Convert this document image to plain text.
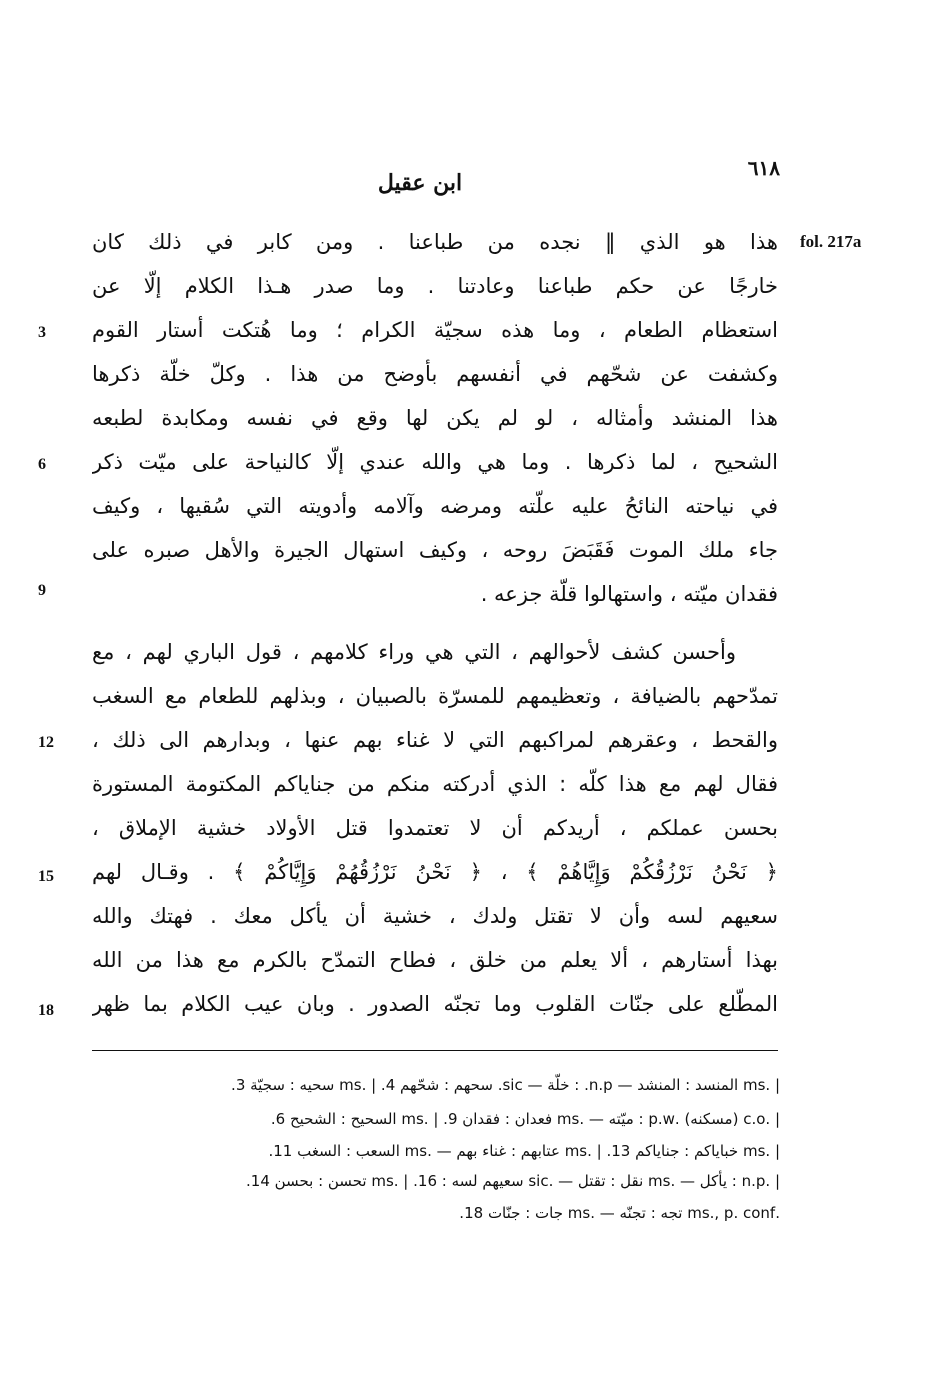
٦١٨
ابن عقيل
fol. 217a
هذا هو الذي ‖ نجده من طباعنا . ومن كابر في ذلك كان
خارجًا عن حكم طباعنا وعادتنا . وما صدر هـذا الكلام إلّا عن
استعظام الطعام ، وما هذه سجيّة الكرام ؛ وما هُتكت أستار القوم
وكشفت عن شحّهم في أنفسهم بأوضح من هذا . وكلّ خلّة ذكرها
هذا المنشد وأمثاله ، لو لم يكن لها وقع في نفسه ومكابدة لطبعه
الشحيح ، لما ذكرها . وما هي والله عندي إلّا كالنياحة على ميّت ذكر
في نياحته النائحُ عليه علّته ومرضه وآلامه وأدويته التي سُقيها ، وكيف
جاء ملك الموت فَقَبَضَ روحه ، وكيف استهال الجيرة والأهل صبره على
فقدان ميّته ، واستهالوا قلّة جزعه .
وأحسن كشف لأحوالهم ، التي هي وراء كلامهم ، قول الباري لهم ، مع
تمدّحهم بالضيافة ، وتعظيمهم للمسرّة بالصبيان ، وبذلهم للطعام مع السغب
والقحط ، وعقرهم لمراكبهم التي لا غناء بهم عنها ، وبدارهم الى ذلك ،
فقال لهم مع هذا كلّه : الذي أدركته منكم من جناياكم المكتومة المستورة
بحسن عملكم ، أريدكم أن لا تعتمدوا قتل الأولاد خشية الإملاق ،
﴿ نَحْنُ نَرْزُقُكُمْ وَإِيَّاهُمْ ﴾ ، ﴿ نَحْنُ نَرْزُقُهُمْ وَإِيَّاكُمْ ﴾ . وقـال لهم
سعيهم لسه وأن لا تقتل ولدك ، خشية أن يأكل معك . فهتك والله
بهذا أستارهم ، ألا يعلم من خلق ، فطاح التمدّح بالكرم مع هذا من الله
المطّلع على جنّات القلوب وما تجنّه الصدور . وبان عيب الكلام بما ظهر
3
6
9
12
15
18
| .ms المنسد : المنشد — n.p. : خلّة — sic. سحهم : شحّهم 4. | .ms سحيه : سجيّة 3.
| .c.o (مسكنه) .p.w : ميّته — .ms فعدان : فقدان 9. | .ms السحيح : الشحيح 6.
| .ms خبایاکم : جناياكم 13. | .ms عتابهم : غناء بهم — .ms السعب : السغب 11.
| .n.p : يأكل — .ms نقل : تقتل — .sic سعيهم لسه : 16. | .ms تحسن : بحسن 14.
.ms., p. conf تجه : تجنّه — .ms جات : جنّات 18.
